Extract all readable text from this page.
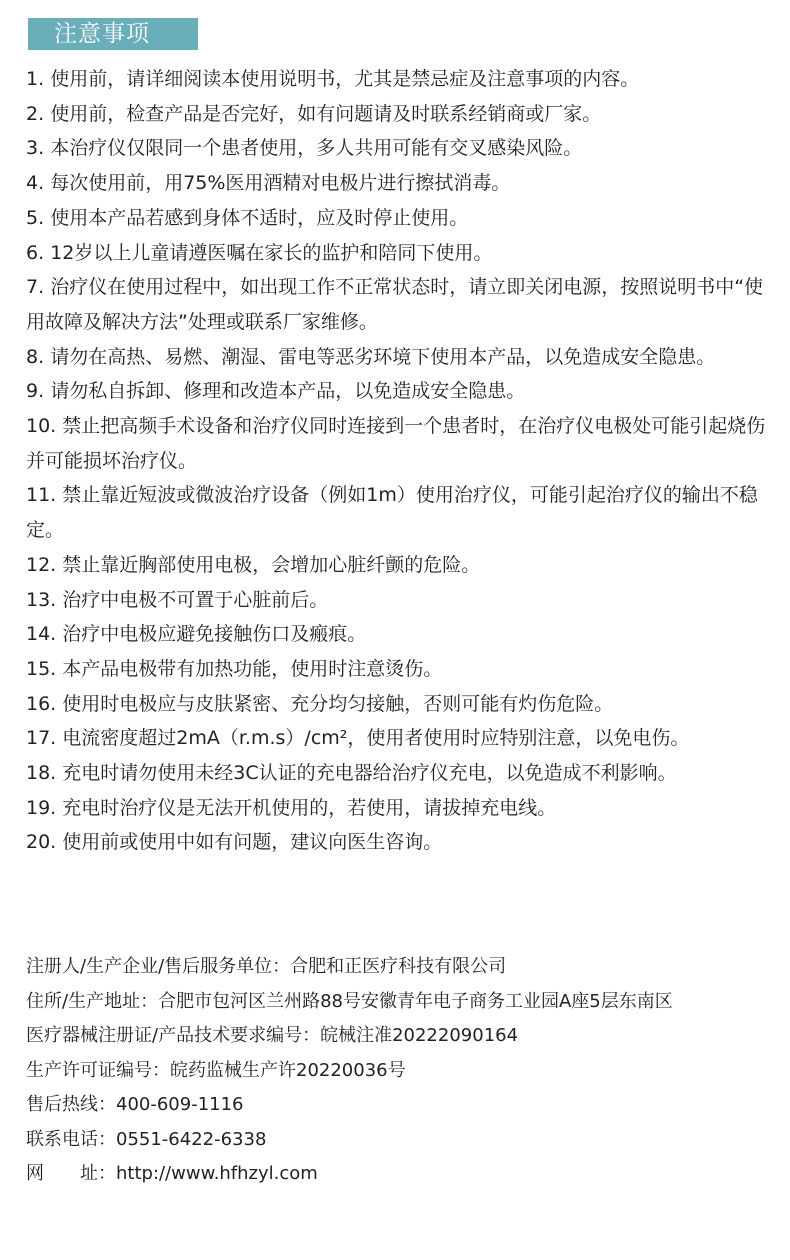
注意事项

1. 使用前，请详细阅读本使用说明书，尤其是禁忌症及注意事项的内容。

2. 使用前，检查产品是否完好，如有问题请及时联系经销商或厂家。

3. 本治疗仪仅限同一个患者使用，多人共用可能有交叉感染风险。

4. 每次使用前，用75%医用酒精对电极片进行擦拭消毒。

5. 使用本产品若感到身体不适时，应及时停止使用。

6. 12岁以上儿童请遵医嘱在家长的监护和陪同下使用。

7. 治疗仪在使用过程中，如出现工作不正常状态时，请立即关闭电源，按照说明书中“使用故障及解决方法”处理或联系厂家维修。

8. 请勿在高热、易燃、潮湿、雷电等恶劣环境下使用本产品，以免造成安全隐患。

9. 请勿私自拆卸、修理和改造本产品，以免造成安全隐患。

10. 禁止把高频手术设备和治疗仪同时连接到一个患者时，在治疗仪电极处可能引起烧伤并可能损坏治疗仪。

11. 禁止靠近短波或微波治疗设备（例如1m）使用治疗仪，可能引起治疗仪的输出不稳定。

12. 禁止靠近胸部使用电极，会增加心脏纤颤的危险。

13. 治疗中电极不可置于心脏前后。

14. 治疗中电极应避免接触伤口及瘢痕。

15. 本产品电极带有加热功能，使用时注意烫伤。

16. 使用时电极应与皮肤紧密、充分均匀接触，否则可能有灼伤危险。

17. 电流密度超过2mA（r.m.s）/cm²，使用者使用时应特别注意，以免电伤。

18. 充电时请勿使用未经3C认证的充电器给治疗仪充电，以免造成不利影响。

19. 充电时治疗仪是无法开机使用的，若使用，请拔掉充电线。

20. 使用前或使用中如有问题，建议向医生咨询。

注册人/生产企业/售后服务单位：合肥和正医疗科技有限公司

住所/生产地址：合肥市包河区兰州路88号安徽青年电子商务工业园A座5层东南区

医疗器械注册证/产品技术要求编号：皖械注准20222090164

生产许可证编号：皖药监械生产许20220036号

售后热线：400-609-1116

联系电话：0551-6422-6338

网　　址：http://www.hfhzyl.com
